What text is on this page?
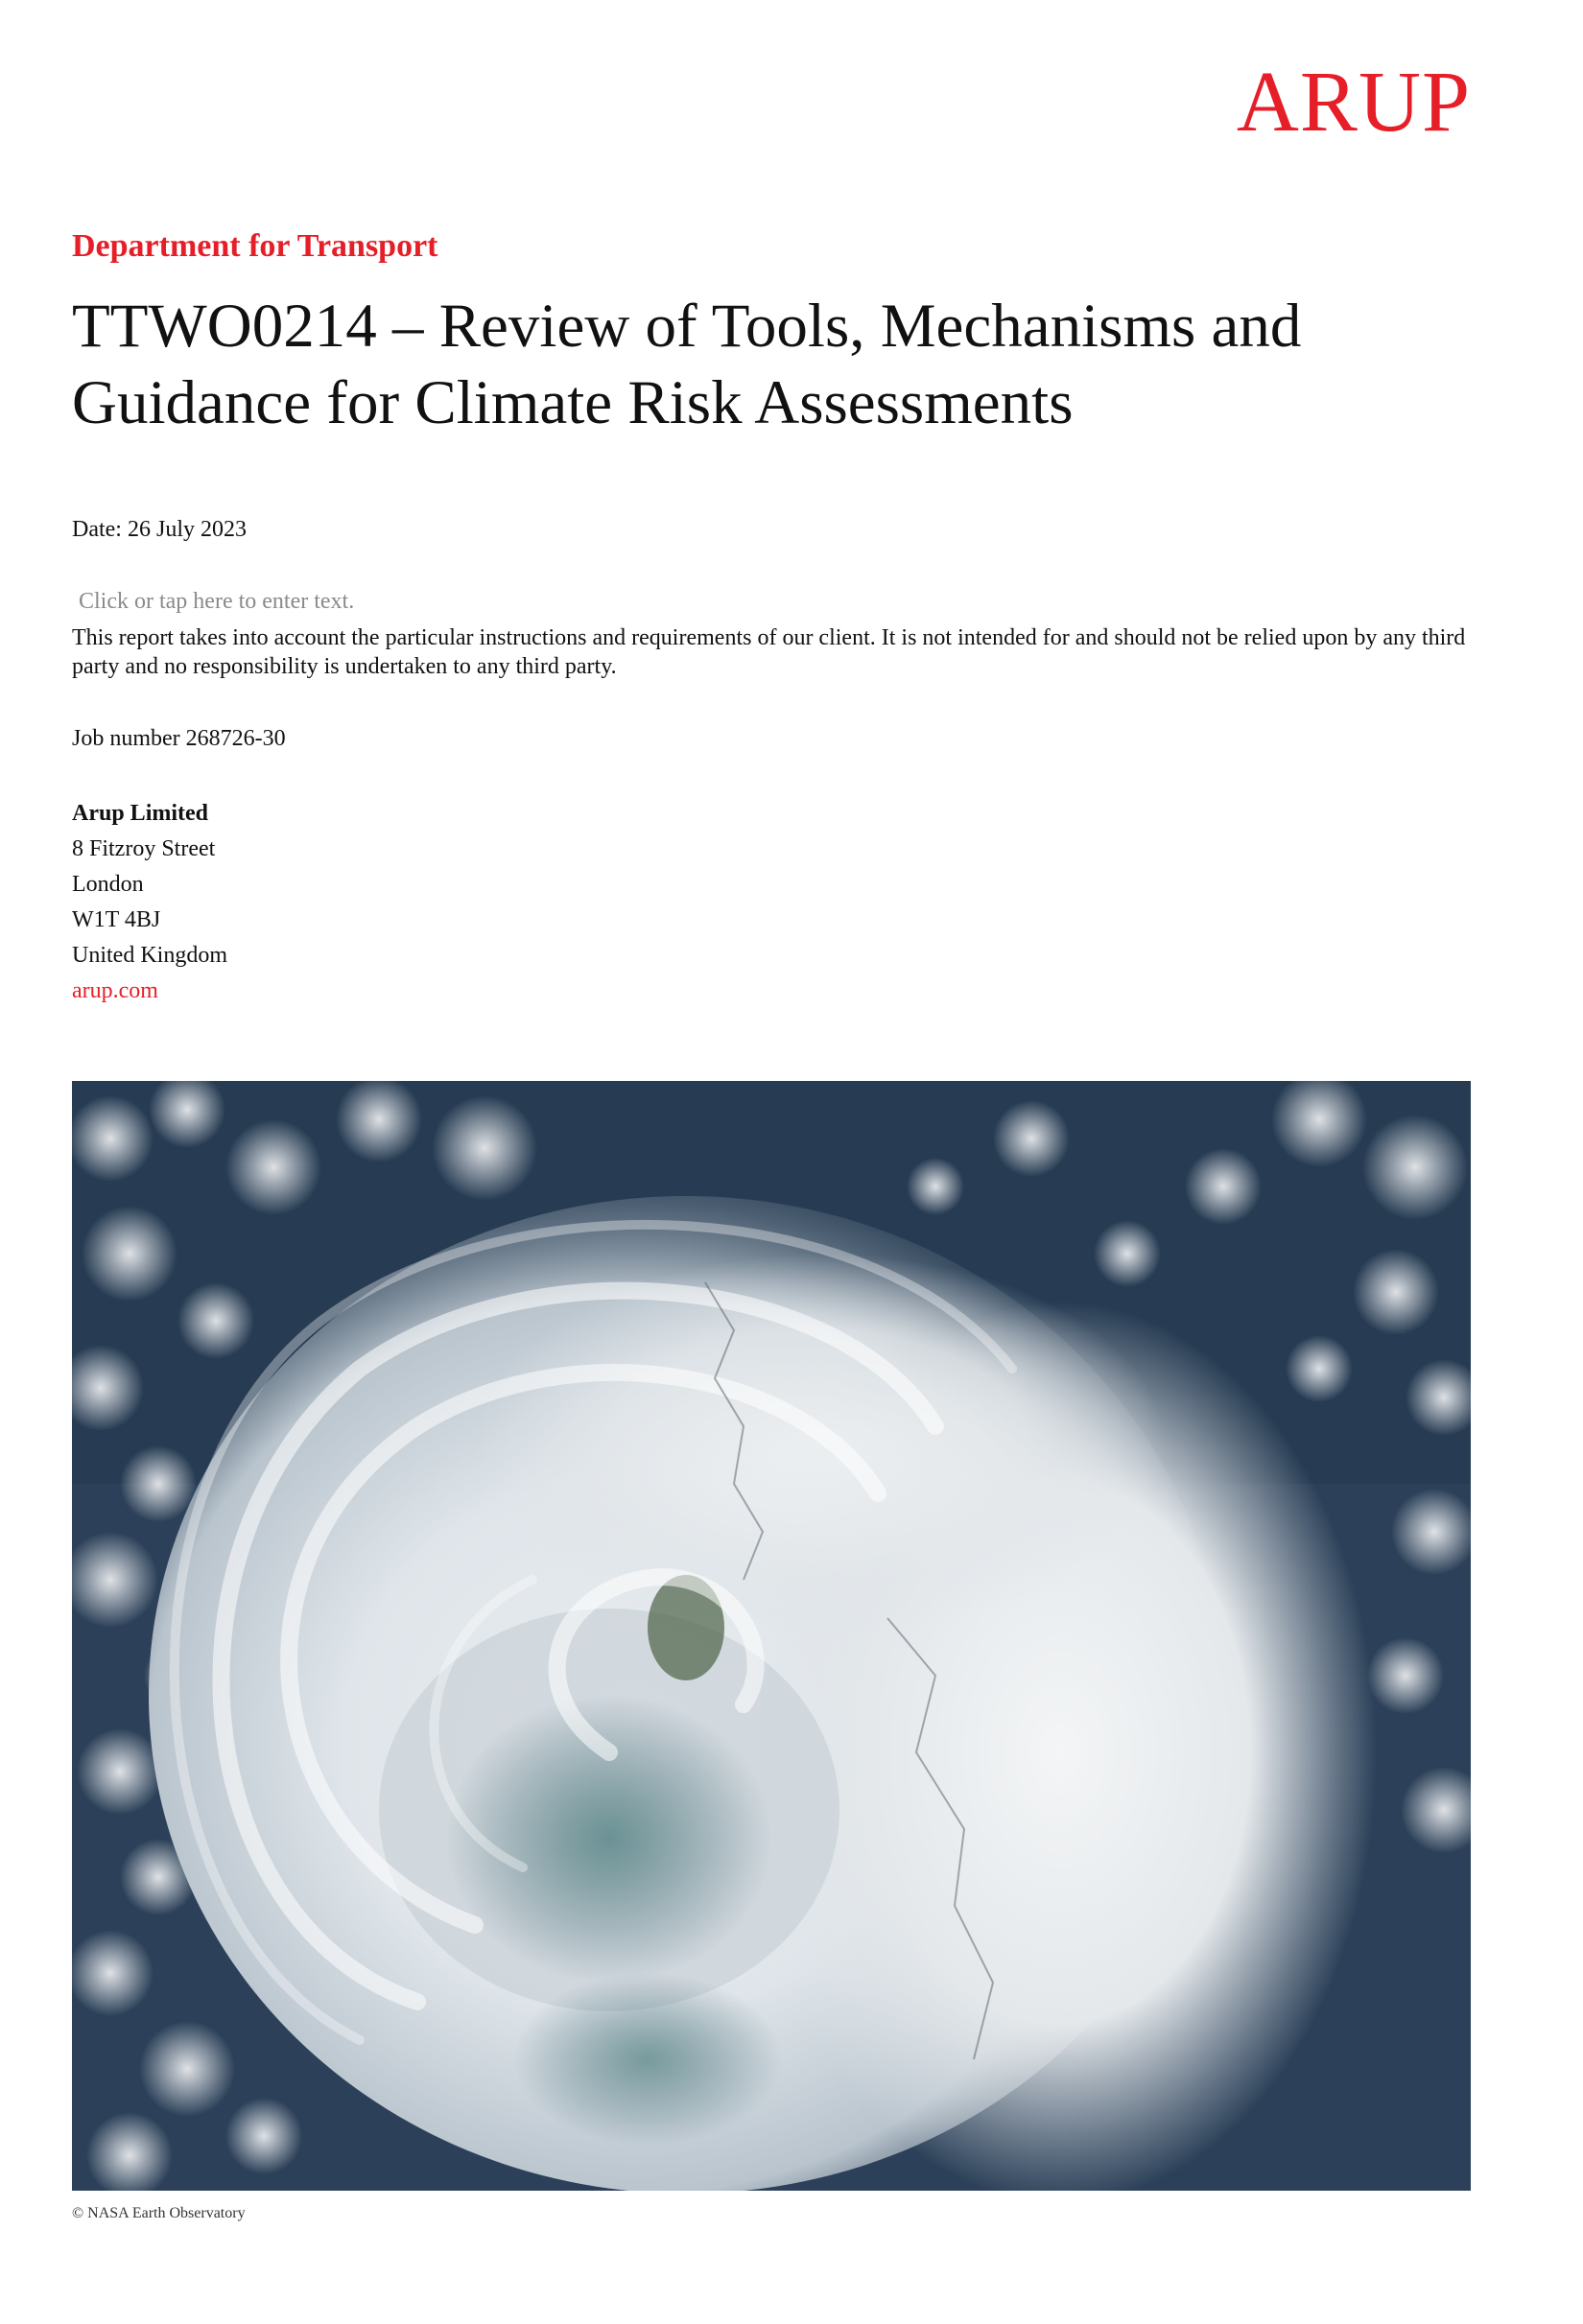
ARUP
Department for Transport
TTWO0214 – Review of Tools, Mechanisms and
Guidance for Climate Risk Assessments
Date: 26 July 2023
Click or tap here to enter text.

This report takes into account the particular instructions and requirements of our client. It is not intended for and should not be relied upon by any third party and no responsibility is undertaken to any third party.

Job number 268726-30
Arup Limited
8 Fitzroy Street
London
W1T 4BJ
United Kingdom
arup.com
© NASA Earth Observatory
